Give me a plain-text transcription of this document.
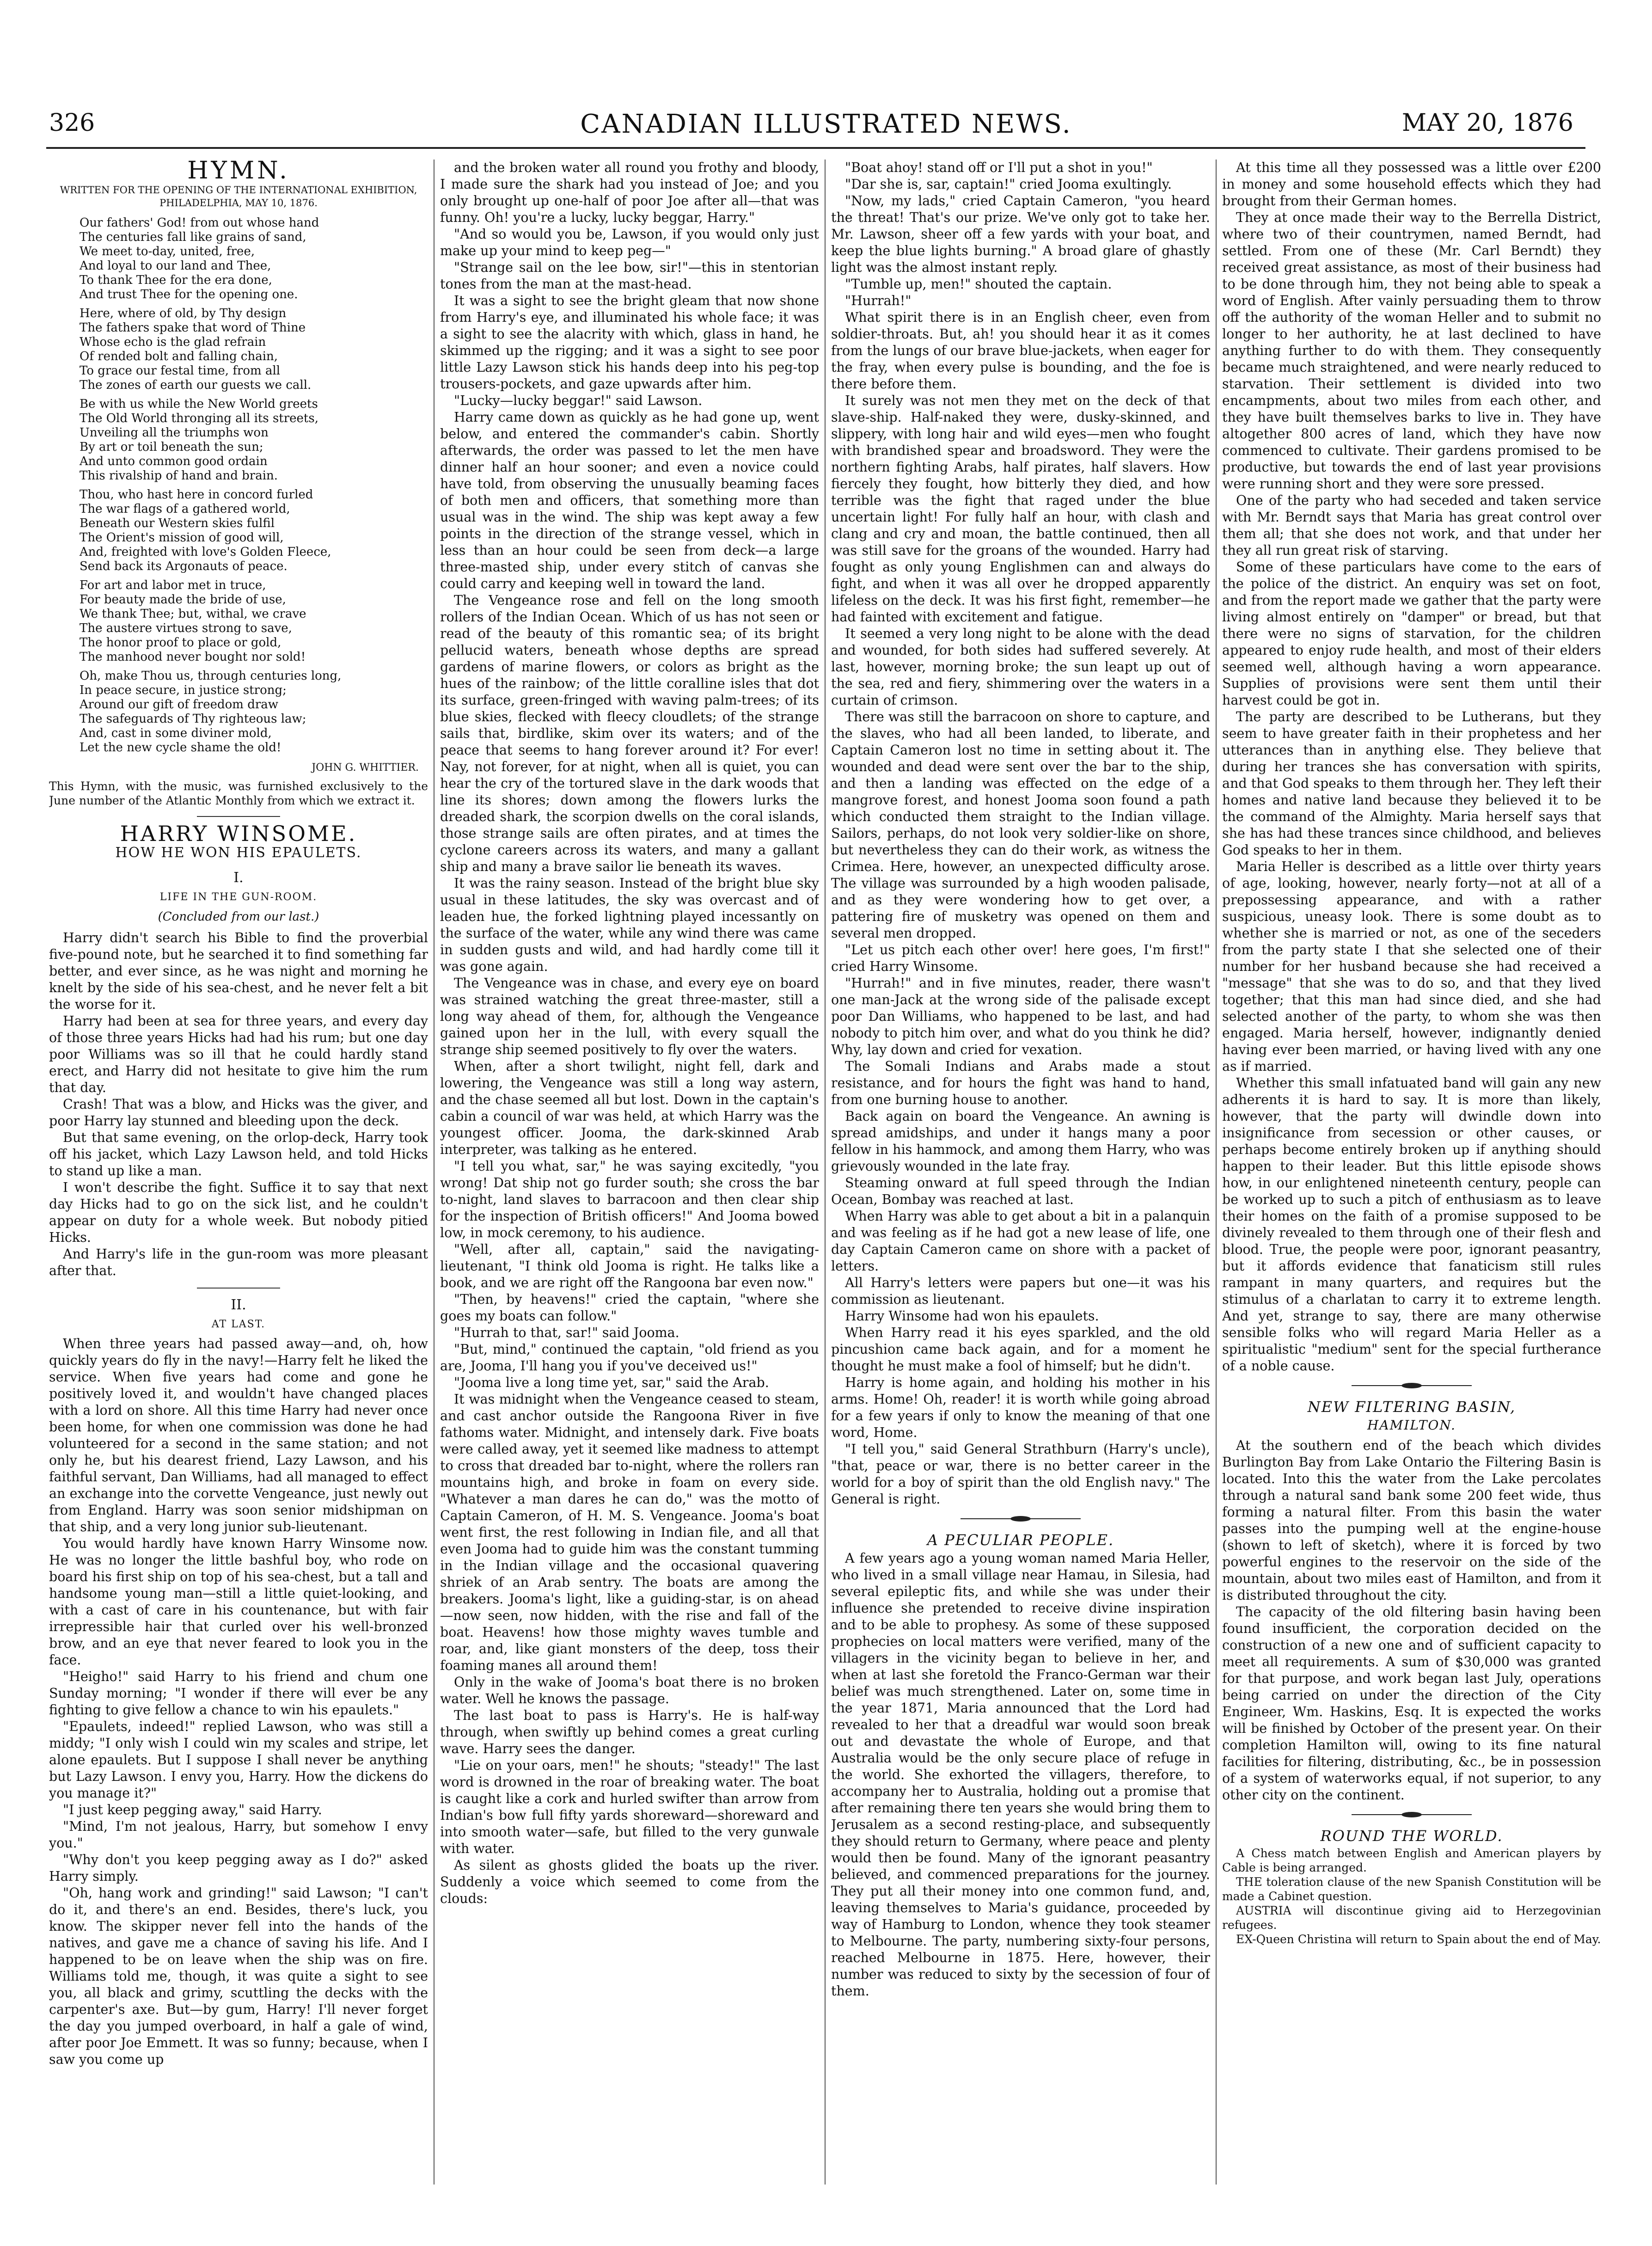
326	CANADIAN ILLUSTRATED NEWS.	MAY 20, 1876
HYMN.
WRITTEN FOR THE OPENING OF THE INTERNATIONAL EXHIBITION, PHILADELPHIA, MAY 10, 1876.
Our fathers' God! from out whose hand
The centuries fall like grains of sand,
We meet to-day, united, free,
And loyal to our land and Thee,
To thank Thee for the era done,
And trust Thee for the opening one.
Here, where of old, by Thy design
The fathers spake that word of Thine
Whose echo is the glad refrain
Of rended bolt and falling chain,
To grace our festal time, from all
The zones of earth our guests we call.
Be with us while the New World greets
The Old World thronging all its streets,
Unveiling all the triumphs won
By art or toil beneath the sun;
And unto common good ordain
This rivalship of hand and brain.
Thou, who hast here in concord furled
The war flags of a gathered world,
Beneath our Western skies fulfil
The Orient's mission of good will,
And, freighted with love's Golden Fleece,
Send back its Argonauts of peace.
For art and labor met in truce,
For beauty made the bride of use,
We thank Thee; but, withal, we crave
The austere virtues strong to save,
The honor proof to place or gold,
The manhood never bought nor sold!
Oh, make Thou us, through centuries long,
In peace secure, in justice strong;
Around our gift of freedom draw
The safeguards of Thy righteous law;
And, cast in some diviner mold,
Let the new cycle shame the old!
JOHN G. WHITTIER.
This Hymn, with the music, was furnished exclusively to the June number of the Atlantic Monthly from which we extract it.
HARRY WINSOME.
HOW HE WON HIS EPAULETS.
I.
LIFE IN THE GUN-ROOM.
(Concluded from our last.)

Harry didn't search his Bible to find the proverbial five-pound note, but he searched it to find something far better, and ever since, as he was night and morning he knelt by the side of his sea-chest, and he never felt a bit the worse for it.

Harry had been at sea for three years, and every day of those three years Hicks had had his rum; but one day poor Williams was so ill that he could hardly stand erect, and Harry did not hesitate to give him the rum that day.

Crash! That was a blow, and Hicks was the giver, and poor Harry lay stunned and bleeding upon the deck.

But that same evening, on the orlop-deck, Harry took off his jacket, which Lazy Lawson held, and told Hicks to stand up like a man.

I won't describe the fight. Suffice it to say that next day Hicks had to go on the sick list, and he couldn't appear on duty for a whole week. But nobody pitied Hicks.

And Harry's life in the gun-room was more pleasant after that.

II.
AT LAST.

When three years had passed away—and, oh, how quickly years do fly in the navy!—Harry felt he liked the service. When five years had come and gone he positively loved it, and wouldn't have changed places with a lord on shore. All this time Harry had never once been home, for when one commission was done he had volunteered for a second in the same station; and not only he, but his dearest friend, Lazy Lawson, and his faithful servant, Dan Williams, had all managed to effect an exchange into the corvette Vengeance, just newly out from England. Harry was soon senior midshipman on that ship, and a very long junior sub-lieutenant.

You would hardly have known Harry Winsome now. He was no longer the little bashful boy, who rode on board his first ship on top of his sea-chest, but a tall and handsome young man—still a little quiet-looking, and with a cast of care in his countenance, but with fair irrepressible hair that curled over his well-bronzed brow, and an eye that never feared to look you in the face.

"Heigho!" said Harry to his friend and chum one Sunday morning; "I wonder if there will ever be any fighting to give fellow a chance to win his epaulets."

"Epaulets, indeed!" replied Lawson, who was still a middy; "I only wish I could win my scales and stripe, let alone epaulets. But I suppose I shall never be anything but Lazy Lawson. I envy you, Harry. How the dickens do you manage it?"

"I just keep pegging away," said Harry.

"Mind, I'm not jealous, Harry, but somehow I envy you."

"Why don't you keep pegging away as I do?" asked Harry simply.

"Oh, hang work and grinding!" said Lawson; "I can't do it, and there's an end. Besides, there's luck, you know. The skipper never fell into the hands of the natives, and gave me a chance of saving his life. And I happened to be on leave when the ship was on fire. Williams told me, though, it was quite a sight to see you, all black and grimy, scuttling the decks with the carpenter's axe. But—by gum, Harry! I'll never forget the day you jumped overboard, in half a gale of wind, after poor Joe Emmett. It was so funny; because, when I saw you come up

and the broken water all round you frothy and bloody, I made sure the shark had you instead of Joe; and you only brought up one-half of poor Joe after all—that was funny. Oh! you're a lucky, lucky beggar, Harry."

"And so would you be, Lawson, if you would only just make up your mind to keep peg—"

"Strange sail on the lee bow, sir!"—this in stentorian tones from the man at the mast-head.

It was a sight to see the bright gleam that now shone from Harry's eye, and illuminated his whole face; it was a sight to see the alacrity with which, glass in hand, he skimmed up the rigging; and it was a sight to see poor little Lazy Lawson stick his hands deep into his peg-top trousers-pockets, and gaze upwards after him.

"Lucky—lucky beggar!" said Lawson.

Harry came down as quickly as he had gone up, went below, and entered the commander's cabin. Shortly afterwards, the order was passed to let the men have dinner half an hour sooner; and even a novice could have told, from observing the unusually beaming faces of both men and officers, that something more than usual was in the wind. The ship was kept away a few points in the direction of the strange vessel, which in less than an hour could be seen from deck—a large three-masted ship, under every stitch of canvas she could carry and keeping well in toward the land.

The Vengeance rose and fell on the long smooth rollers of the Indian Ocean. Which of us has not seen or read of the beauty of this romantic sea; of its bright pellucid waters, beneath whose depths are spread gardens of marine flowers, or colors as bright as the hues of the rainbow; of the little coralline isles that dot its surface, green-fringed with waving palm-trees; of its blue skies, flecked with fleecy cloudlets; of the strange sails that, birdlike, skim over its waters; and of the peace that seems to hang forever around it? For ever! Nay, not forever, for at night, when all is quiet, you can hear the cry of the tortured slave in the dark woods that line its shores; down among the flowers lurks the dreaded shark, the scorpion dwells on the coral islands, those strange sails are often pirates, and at times the cyclone careers across its waters, and many a gallant ship and many a brave sailor lie beneath its waves.

It was the rainy season. Instead of the bright blue sky usual in these latitudes, the sky was overcast and of leaden hue, the forked lightning played incessantly on the surface of the water, while any wind there was came in sudden gusts and wild, and had hardly come till it was gone again.

The Vengeance was in chase, and every eye on board was strained watching the great three-master, still a long way ahead of them, for, although the Vengeance gained upon her in the lull, with every squall the strange ship seemed positively to fly over the waters.

When, after a short twilight, night fell, dark and lowering, the Vengeance was still a long way astern, and the chase seemed all but lost. Down in the captain's cabin a council of war was held, at which Harry was the youngest officer. Jooma, the dark-skinned Arab interpreter, was talking as he entered.

"I tell you what, sar," he was saying excitedly, "you wrong! Dat ship not go furder south; she cross the bar to-night, land slaves to barracoon and then clear ship for the inspection of British officers!" And Jooma bowed low, in mock ceremony, to his audience.

"Well, after all, captain," said the navigating-lieutenant, "I think old Jooma is right. He talks like a book, and we are right off the Rangoona bar even now."

"Then, by heavens!" cried the captain, "where she goes my boats can follow."

"Hurrah to that, sar!" said Jooma.

"But, mind," continued the captain, "old friend as you are, Jooma, I'll hang you if you've deceived us!"

"Jooma live a long time yet, sar," said the Arab.

It was midnight when the Vengeance ceased to steam, and cast anchor outside the Rangoona River in five fathoms water. Midnight, and intensely dark. Five boats were called away, yet it seemed like madness to attempt to cross that dreaded bar to-night, where the rollers ran mountains high, and broke in foam on every side. "Whatever a man dares he can do," was the motto of Captain Cameron, of H. M. S. Vengeance. Jooma's boat went first, the rest following in Indian file, and all that even Jooma had to guide him was the constant tumming in the Indian village and the occasional quavering shriek of an Arab sentry. The boats are among the breakers. Jooma's light, like a guiding-star, is on ahead—now seen, now hidden, with the rise and fall of the boat. Heavens! how those mighty waves tumble and roar, and, like giant monsters of the deep, toss their foaming manes all around them!

Only in the wake of Jooma's boat there is no broken water. Well he knows the passage.

The last boat to pass is Harry's. He is half-way through, when swiftly up behind comes a great curling wave. Harry sees the danger.

"Lie on your oars, men!" he shouts; "steady!" The last word is drowned in the roar of breaking water. The boat is caught like a cork and hurled swifter than arrow from Indian's bow full fifty yards shoreward—shoreward and into smooth water—safe, but filled to the very gunwale with water.

As silent as ghosts glided the boats up the river. Suddenly a voice which seemed to come from the clouds:

"Boat ahoy! stand off or I'll put a shot in you!"

"Dar she is, sar, captain!" cried Jooma exultingly.

"Now, my lads," cried Captain Cameron, "you heard the threat! That's our prize. We've only got to take her. Mr. Lawson, sheer off a few yards with your boat, and keep the blue lights burning." A broad glare of ghastly light was the almost instant reply.

"Tumble up, men!" shouted the captain.

"Hurrah!"

What spirit there is in an English cheer, even from soldier-throats. But, ah! you should hear it as it comes from the lungs of our brave blue-jackets, when eager for the fray, when every pulse is bounding, and the foe is there before them.

It surely was not men they met on the deck of that slave-ship. Half-naked they were, dusky-skinned, and slippery, with long hair and wild eyes—men who fought with brandished spear and broadsword. They were the northern fighting Arabs, half pirates, half slavers. How fiercely they fought, how bitterly they died, and how terrible was the fight that raged under the blue uncertain light! For fully half an hour, with clash and clang and cry and moan, the battle continued, then all was still save for the groans of the wounded. Harry had fought as only young Englishmen can and always do fight, and when it was all over he dropped apparently lifeless on the deck. It was his first fight, remember—he had fainted with excitement and fatigue.

It seemed a very long night to be alone with the dead and wounded, for both sides had suffered severely. At last, however, morning broke; the sun leapt up out of the sea, red and fiery, shimmering over the waters in a curtain of crimson.

There was still the barracoon on shore to capture, and the slaves, who had all been landed, to liberate, and Captain Cameron lost no time in setting about it. The wounded and dead were sent over the bar to the ship, and then a landing was effected on the edge of a mangrove forest, and honest Jooma soon found a path which conducted them straight to the Indian village. Sailors, perhaps, do not look very soldier-like on shore, but nevertheless they can do their work, as witness the Crimea. Here, however, an unexpected difficulty arose. The village was surrounded by a high wooden palisade, and as they were wondering how to get over, a pattering fire of musketry was opened on them and several men dropped.

"Let us pitch each other over! here goes, I'm first!" cried Harry Winsome.

"Hurrah!" and in five minutes, reader, there wasn't one man-Jack at the wrong side of the palisade except poor Dan Williams, who happened to be last, and had nobody to pitch him over, and what do you think he did? Why, lay down and cried for vexation.

The Somali Indians and Arabs made a stout resistance, and for hours the fight was hand to hand, from one burning house to another.

Back again on board the Vengeance. An awning is spread amidships, and under it hangs many a poor fellow in his hammock, and among them Harry, who was grievously wounded in the late fray.

Steaming onward at full speed through the Indian Ocean, Bombay was reached at last.

When Harry was able to get about a bit in a palanquin and was feeling as if he had got a new lease of life, one day Captain Cameron came on shore with a packet of letters.

All Harry's letters were papers but one—it was his commission as lieutenant.

Harry Winsome had won his epaulets.

When Harry read it his eyes sparkled, and the old pincushion came back again, and for a moment he thought he must make a fool of himself; but he didn't.

Harry is home again, and holding his mother in his arms. Home! Oh, reader! it is worth while going abroad for a few years if only to know the meaning of that one word, Home.

"I tell you," said General Strathburn (Harry's uncle), "that, peace or war, there is no better career in the world for a boy of spirit than the old English navy." The General is right.

A PECULIAR PEOPLE.

A few years ago a young woman named Maria Heller, who lived in a small village near Hamau, in Silesia, had several epileptic fits, and while she was under their influence she pretended to receive divine inspiration and to be able to prophesy. As some of these supposed prophecies on local matters were verified, many of the villagers in the vicinity began to believe in her, and when at last she foretold the Franco-German war their belief was much strengthened. Later on, some time in the year 1871, Maria announced that the Lord had revealed to her that a dreadful war would soon break out and devastate the whole of Europe, and that Australia would be the only secure place of refuge in the world. She exhorted the villagers, therefore, to accompany her to Australia, holding out a promise that after remaining there ten years she would bring them to Jerusalem as a second resting-place, and subsequently they should return to Germany, where peace and plenty would then be found. Many of the ignorant peasantry believed, and commenced preparations for the journey. They put all their money into one common fund, and, leaving themselves to Maria's guidance, proceeded by way of Hamburg to London, whence they took steamer to Melbourne. The party, numbering sixty-four persons, reached Melbourne in 1875. Here, however, their number was reduced to sixty by the secession of four of them.

At this time all they possessed was a little over £200 in money and some household effects which they had brought from their German homes.

They at once made their way to the Berrella District, where two of their countrymen, named Berndt, had settled. From one of these (Mr. Carl Berndt) they received great assistance, as most of their business had to be done through him, they not being able to speak a word of English. After vainly persuading them to throw off the authority of the woman Heller and to submit no longer to her authority, he at last declined to have anything further to do with them. They consequently became much straightened, and were nearly reduced to starvation. Their settlement is divided into two encampments, about two miles from each other, and they have built themselves barks to live in. They have altogether 800 acres of land, which they have now commenced to cultivate. Their gardens promised to be productive, but towards the end of last year provisions were running short and they were sore pressed.

One of the party who had seceded and taken service with Mr. Berndt says that Maria has great control over them all; that she does not work, and that under her they all run great risk of starving.

Some of these particulars have come to the ears of the police of the district. An enquiry was set on foot, and from the report made we gather that the party were living almost entirely on "damper" or bread, but that there were no signs of starvation, for the children appeared to enjoy rude health, and most of their elders seemed well, although having a worn appearance. Supplies of provisions were sent them until their harvest could be got in.

The party are described to be Lutherans, but they seem to have greater faith in their prophetess and her utterances than in anything else. They believe that during her trances she has conversation with spirits, and that God speaks to them through her. They left their homes and native land because they believed it to be the command of the Almighty. Maria herself says that she has had these trances since childhood, and believes God speaks to her in them.

Maria Heller is described as a little over thirty years of age, looking, however, nearly forty—not at all of a prepossessing appearance, and with a rather suspicious, uneasy look. There is some doubt as to whether she is married or not, as one of the seceders from the party state I that she selected one of their number for her husband because she had received a "message" that she was to do so, and that they lived together; that this man had since died, and she had selected another of the party, to whom she was then engaged. Maria herself, however, indignantly denied having ever been married, or having lived with any one as if married.

Whether this small infatuated band will gain any new adherents it is hard to say. It is more than likely, however, that the party will dwindle down into insignificance from secession or other causes, or perhaps become entirely broken up if anything should happen to their leader. But this little episode shows how, in our enlightened nineteenth century, people can be worked up to such a pitch of enthusiasm as to leave their homes on the faith of a promise supposed to be divinely revealed to them through one of their flesh and blood. True, the people were poor, ignorant peasantry, but it affords evidence that fanaticism still rules rampant in many quarters, and requires but the stimulus of a charlatan to carry it to extreme length. And yet, strange to say, there are many otherwise sensible folks who will regard Maria Heller as a spiritualistic "medium" sent for the special furtherance of a noble cause.

NEW FILTERING BASIN,
HAMILTON.

At the southern end of the beach which divides Burlington Bay from Lake Ontario the Filtering Basin is located. Into this the water from the Lake percolates through a natural sand bank some 200 feet wide, thus forming a natural filter. From this basin the water passes into the pumping well at the engine-house (shown to left of sketch), where it is forced by two powerful engines to the reservoir on the side of the mountain, about two miles east of Hamilton, and from it is distributed throughout the city.

The capacity of the old filtering basin having been found insufficient, the corporation decided on the construction of a new one and of sufficient capacity to meet all requirements. A sum of $30,000 was granted for that purpose, and work began last July, operations being carried on under the direction of the City Engineer, Wm. Haskins, Esq. It is expected the works will be finished by October of the present year. On their completion Hamilton will, owing to its fine natural facilities for filtering, distributing, &c., be in possession of a system of waterworks equal, if not superior, to any other city on the continent.

ROUND THE WORLD.

A Chess match between English and American players by Cable is being arranged.

THE toleration clause of the new Spanish Constitution will be made a Cabinet question.

AUSTRIA will discontinue giving aid to Herzegovinian refugees.

EX-Queen Christina will return to Spain about the end of May.
